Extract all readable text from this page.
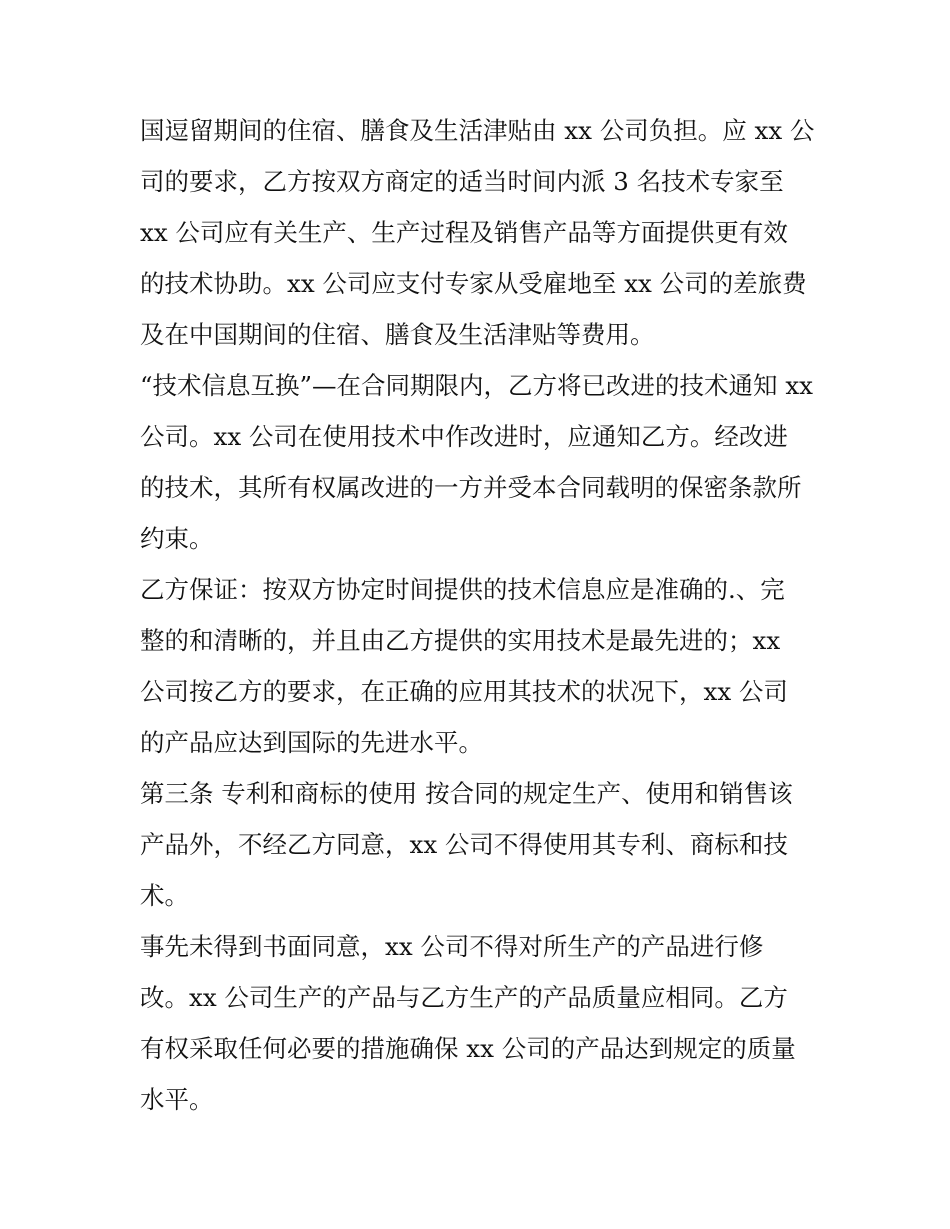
国逗留期间的住宿、膳食及生活津贴由 xx 公司负担。应 xx 公
司的要求，乙方按双方商定的适当时间内派 3 名技术专家至
xx 公司应有关生产、生产过程及销售产品等方面提供更有效
的技术协助。xx 公司应支付专家从受雇地至 xx 公司的差旅费
及在中国期间的住宿、膳食及生活津贴等费用。
“技术信息互换”—在合同期限内，乙方将已改进的技术通知 xx
公司。xx 公司在使用技术中作改进时，应通知乙方。经改进
的技术，其所有权属改进的一方并受本合同载明的保密条款所
约束。
乙方保证：按双方协定时间提供的技术信息应是准确的.、完
整的和清晰的，并且由乙方提供的实用技术是最先进的；xx
公司按乙方的要求，在正确的应用其技术的状况下，xx 公司
的产品应达到国际的先进水平。
第三条 专利和商标的使用 按合同的规定生产、使用和销售该
产品外，不经乙方同意，xx 公司不得使用其专利、商标和技
术。
事先未得到书面同意，xx 公司不得对所生产的产品进行修
改。xx 公司生产的产品与乙方生产的产品质量应相同。乙方
有权采取任何必要的措施确保 xx 公司的产品达到规定的质量
水平。
